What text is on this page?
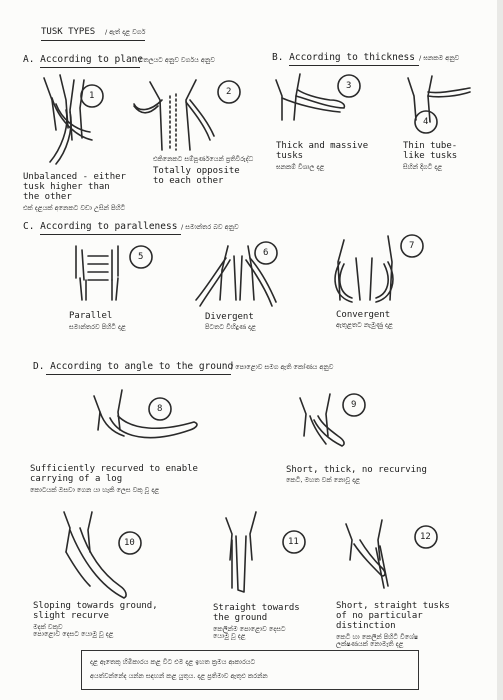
TUSK TYPES / ඇත් දළ වර්ග
A. According to plane
/ තලයට අනුව වර්ගය අනුව	B. According to thickness / ඝනකම අනුව
C. According to paralleness / සමාන්තර බව අනුව
D. According to angle to the ground
/ පොළොව සමග ඇති කෝණය අනුව
1	2
3
4
5	6
7
8	9
10	11	12
එකිනෙකට සම්පූර්ණයෙන් ප්‍රතිවිරුද්ධ
Totally opposite
to each other
Unbalanced - either
tusk higher than
the other
එක් දළයක් අනෙකට වඩා උසින් පිහිටි
Thick and massive
tusks
ඝනකම් විශාල දළ
Thin tube-
like tusks
සිහින් දිගටි දළ
Parallel
සමාන්තරව පිහිටි දළ
Divergent
පිටතට විහිදුණ දළ
Convergent
ඇතුළතට නැමුණු දළ
Sufficiently recurved to enable
carrying of a log
කොටයක් ඔසවා ගෙන යා හැකි ලෙස වකු වූ දළ
Short, thick, no recurving
කෙටි, මහත වක් නොවූ දළ
Sloping towards ground,
slight recurve
මදක් වකුව
පොළොව දෙසට යොමු වූ දළ
Straight towards
the ground
කෙලින්ම පොළොව දෙසට
යොමු වූ දළ
Short, straight tusks
of no particular
distinction
කෙටි හා කෙලින් පිහිටි විශේෂ
ලක්ෂණයක් නොමැති දළ
දළ ඇතෙකු හිමිකාරය කළ විට එම දළ ඉහත ක්‍රමය ආකාරයට
අයත්වන්නේද යන්න සඳහන් කළ යුතුය. දළ ප්‍රතිමාව ඇතුළු කරන්න
